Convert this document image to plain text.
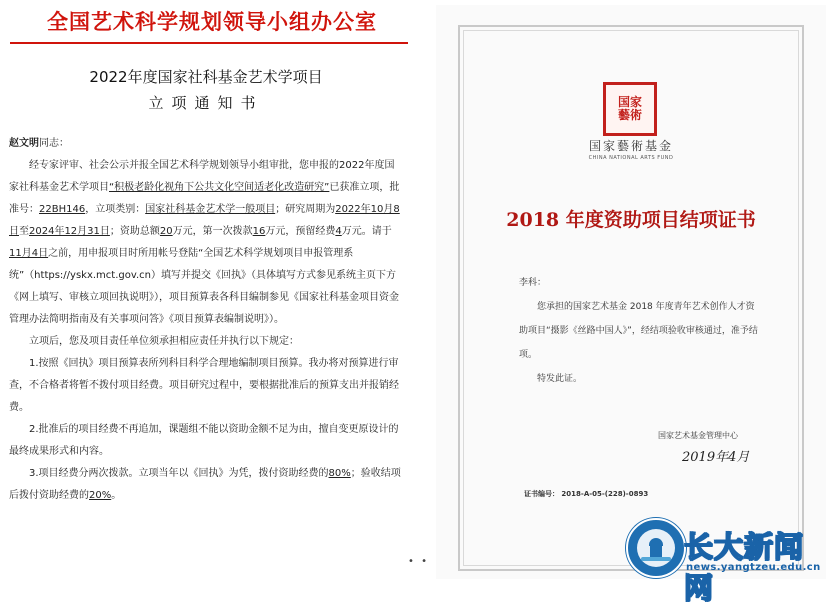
全国艺术科学规划领导小组办公室
2022年度国家社科基金艺术学项目
立项通知书

赵文明同志：

经专家评审、社会公示并报全国艺术科学规划领导小组审批，您申报的2022年度国家社科基金艺术学项目“积极老龄化视角下公共文化空间适老化改造研究”已获准立项，批准号：22BH146，立项类别：国家社科基金艺术学一般项目；研究周期为2022年10月8日至2024年12月31日；资助总额20万元，第一次拨款16万元，预留经费4万元。请于11月4日之前，用申报项目时所用帐号登陆“全国艺术科学规划项目申报管理系统”（https://yskx.mct.gov.cn）填写并提交《回执》（具体填写方式参见系统主页下方《网上填写、审核立项回执说明》），项目预算表各科目编制参见《国家社科基金项目资金管理办法简明指南及有关事项问答》《项目预算表编制说明》）。

立项后，您及项目责任单位须承担相应责任并执行以下规定：

1.按照《回执》项目预算表所列科目科学合理地编制项目预算。我办将对预算进行审查，不合格者将暂不拨付项目经费。项目研究过程中，要根据批准后的预算支出并报销经费。

2.批准后的项目经费不再追加，课题组不能以资助金额不足为由，擅自变更原设计的最终成果形式和内容。

3.项目经费分两次拨款。立项当年以《回执》为凭，拨付资助经费的80%；验收结项后拨付资助经费的20%。

国家
藝術
国家藝術基金
CHINA NATIONAL ARTS FUND
2018 年度资助项目结项证书

李科：

您承担的国家艺术基金 2018 年度青年艺术创作人才资助项目“摄影《丝路中国人》”，经结项验收审核通过，准予结项。

特发此证。

国家艺术基金管理中心
2019年4月
证书编号： 2018-A-05-(228)-0893
• •	长大新闻网
news.yangtzeu.edu.cn
